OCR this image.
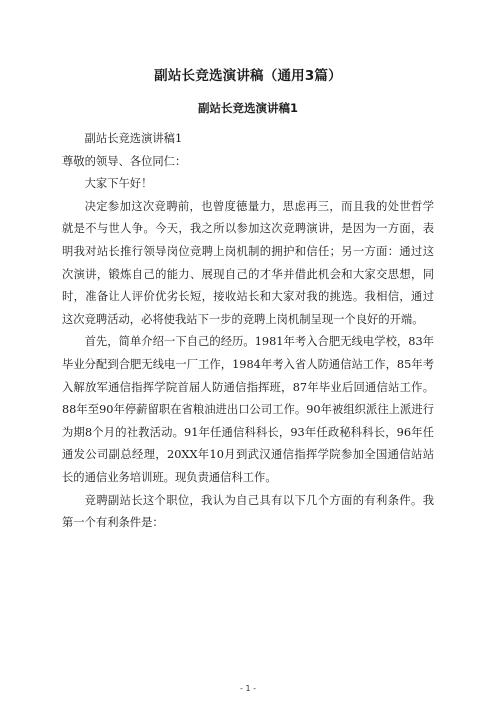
副站长竞选演讲稿（通用3篇）
副站长竞选演讲稿1

副站长竞选演讲稿1

尊敬的领导、各位同仁：

大家下午好！

决定参加这次竞聘前，也曾度德量力，思虑再三，而且我的处世哲学就是不与世人争。今天，我之所以参加这次竞聘演讲，是因为一方面，表明我对站长推行领导岗位竞聘上岗机制的拥护和信任；另一方面：通过这次演讲，锻炼自己的能力、展现自己的才华并借此机会和大家交思想，同时，准备让人评价优劣长短，接收站长和大家对我的挑选。我相信，通过这次竞聘活动，必将使我站下一步的竞聘上岗机制呈现一个良好的开端。

首先，简单介绍一下自己的经历。1981年考入合肥无线电学校，83年毕业分配到合肥无线电一厂工作，1984年考入省人防通信站工作，85年考入解放军通信指挥学院首届人防通信指挥班，87年毕业后回通信站工作。88年至90年停薪留职在省粮油进出口公司工作。90年被组织派往上派进行为期8个月的社教活动。91年任通信科科长，93年任政秘科科长，96年任通发公司副总经理，20XX年10月到武汉通信指挥学院参加全国通信站站长的通信业务培训班。现负责通信科工作。

竞聘副站长这个职位，我认为自己具有以下几个方面的有利条件。我第一个有利条件是：

- 1 -
